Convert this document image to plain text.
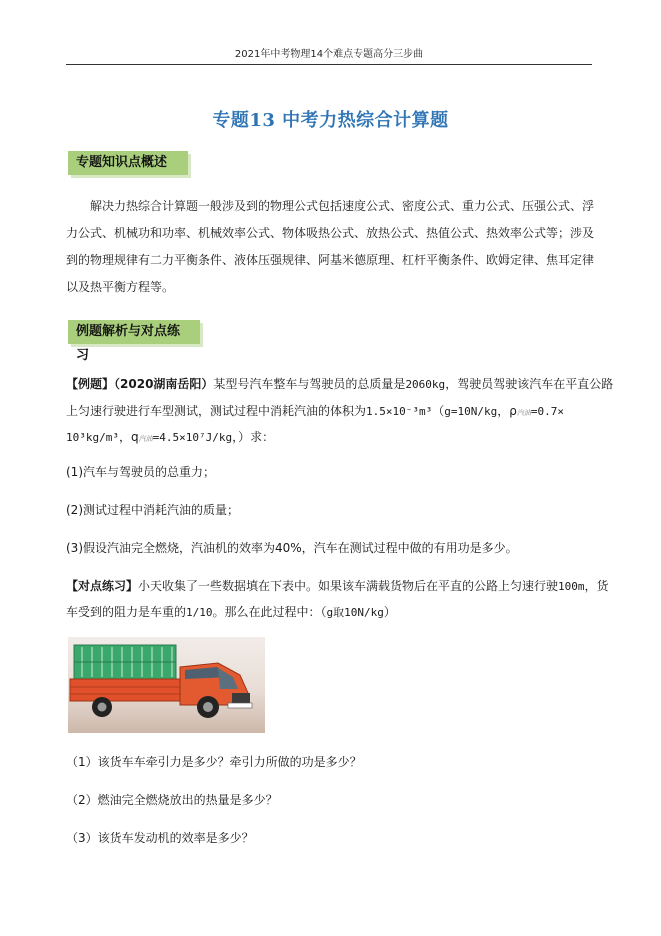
2021年中考物理14个难点专题高分三步曲
专题13 中考力热综合计算题
专题知识点概述
解决力热综合计算题一般涉及到的物理公式包括速度公式、密度公式、重力公式、压强公式、浮力公式、机械功和功率、机械效率公式、物体吸热公式、放热公式、热值公式、热效率公式等；涉及到的物理规律有二力平衡条件、液体压强规律、阿基米德原理、杠杆平衡条件、欧姆定律、焦耳定律以及热平衡方程等。
例题解析与对点练习
【例题】（2020湖南岳阳）某型号汽车整车与驾驶员的总质量是2060kg，驾驶员驾驶该汽车在平直公路
上匀速行驶进行车型测试，测试过程中消耗汽油的体积为1.5×10⁻³m³（g=10N/kg，ρ汽油=0.7×
10³kg/m³，q汽油=4.5×10⁷J/kg，）求：
(1)汽车与驾驶员的总重力；
(2)测试过程中消耗汽油的质量；
(3)假设汽油完全燃烧，汽油机的效率为40%，汽车在测试过程中做的有用功是多少。
【对点练习】小天收集了一些数据填在下表中。如果该车满载货物后在平直的公路上匀速行驶100m，货
车受到的阻力是车重的1/10。那么在此过程中：（g取10N/kg）
（1）该货车车牵引力是多少？牵引力所做的功是多少？
（2）燃油完全燃烧放出的热量是多少？
（3）该货车发动机的效率是多少？
